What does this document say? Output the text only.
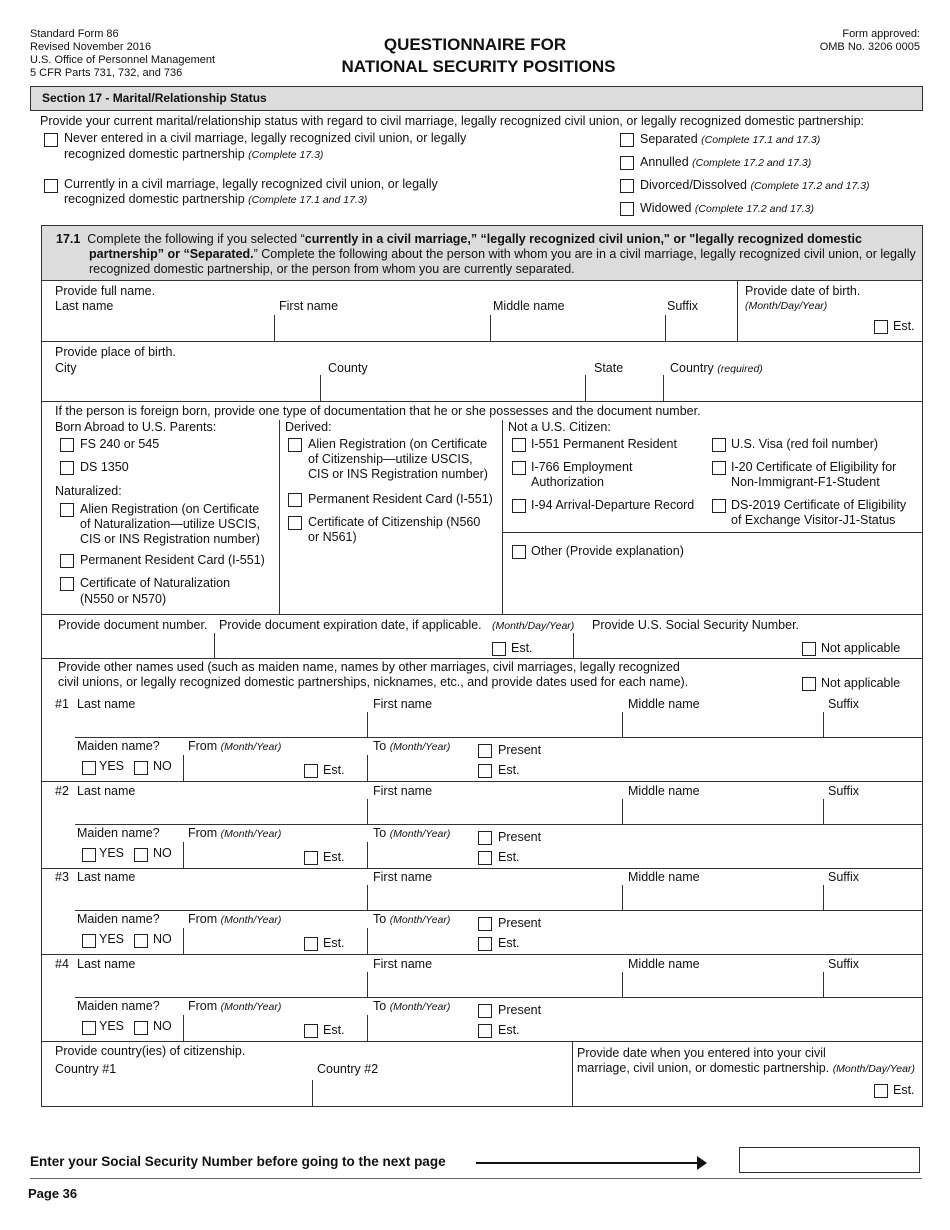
Standard Form 86
Revised November 2016
U.S. Office of Personnel Management
5 CFR Parts 731, 732, and 736
QUESTIONNAIRE FOR
NATIONAL SECURITY POSITIONS
Form approved:
OMB No. 3206 0005
Section 17 - Marital/Relationship Status
Provide your current marital/relationship status with regard to civil marriage, legally recognized civil union, or legally recognized domestic partnership:
Never entered in a civil marriage, legally recognized civil union, or legally
recognized domestic partnership (Complete 17.3)
Currently in a civil marriage, legally recognized civil union, or legally
recognized domestic partnership (Complete 17.1 and 17.3)
Separated (Complete 17.1 and 17.3)
Annulled (Complete 17.2 and 17.3)
Divorced/Dissolved (Complete 17.2 and 17.3)
Widowed (Complete 17.2 and 17.3)
17.1 Complete the following if you selected “currently in a civil marriage,” “legally recognized civil union," or "legally recognized domestic
partnership” or “Separated.” Complete the following about the person with whom you are in a civil marriage, legally recognized civil union, or legally
recognized domestic partnership, or the person from whom you are currently separated.
Provide full name.
Last name	First name	Middle name	Suffix
Provide date of birth.
(Month/Day/Year)
Est.
Provide place of birth.
City	County	State	Country (required)
If the person is foreign born, provide one type of documentation that he or she possesses and the document number.
Born Abroad to U.S. Parents:
FS 240 or 545
DS 1350
Naturalized:
Alien Registration (on Certificate
of Naturalization—utilize USCIS,
CIS or INS Registration number)
Permanent Resident Card (I-551)
Certificate of Naturalization
(N550 or N570)
Derived:
Alien Registration (on Certificate
of Citizenship—utilize USCIS,
CIS or INS Registration number)
Permanent Resident Card (I-551)
Certificate of Citizenship (N560
or N561)
Not a U.S. Citizen:
I-551 Permanent Resident
I-766 Employment
Authorization
I-94 Arrival-Departure Record
U.S. Visa (red foil number)
I-20 Certificate of Eligibility for
Non-Immigrant-F1-Student
DS-2019 Certificate of Eligibility
of Exchange Visitor-J1-Status
Other (Provide explanation)
Provide document number. Provide document expiration date, if applicable. (Month/Day/Year) Provide U.S. Social Security Number.
Est.	Not applicable
Provide other names used (such as maiden name, names by other marriages, civil marriages, legally recognized
civil unions, or legally recognized domestic partnerships, nicknames, etc., and provide dates used for each name).	Not applicable
#1 Last name	First name	Middle name	Suffix
Maiden name? From (Month/Year)	To (Month/Year)	Present
YES NO	Est.	Est.
#2 Last name	First name	Middle name	Suffix
Maiden name? From (Month/Year)	To (Month/Year)	Present
YES NO	Est.	Est.
#3 Last name	First name	Middle name	Suffix
Maiden name? From (Month/Year)	To (Month/Year)	Present
YES NO	Est.	Est.
#4 Last name	First name	Middle name	Suffix
Maiden name? From (Month/Year)	To (Month/Year)	Present
YES NO	Est.	Est.
Provide country(ies) of citizenship.
Country #1	Country #2
Provide date when you entered into your civil
marriage, civil union, or domestic partnership. (Month/Day/Year)
Est.
Enter your Social Security Number before going to the next page
Page 36
